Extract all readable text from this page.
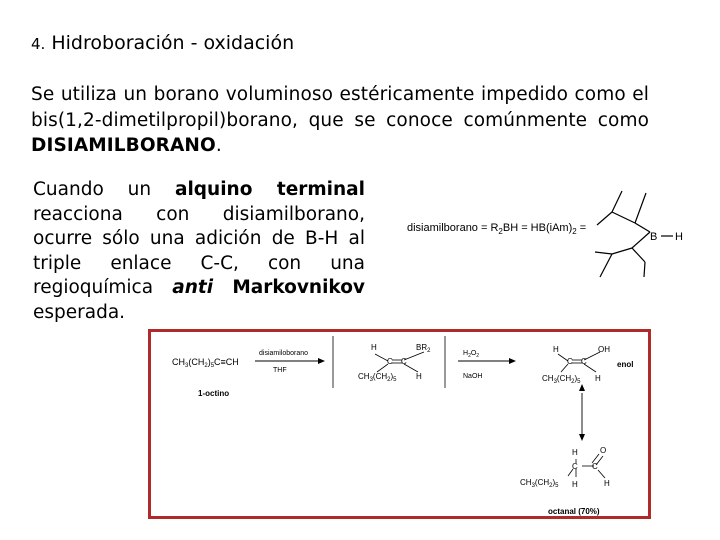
4. Hidroboración - oxidación
Se utiliza un borano voluminoso estéricamente impedido como el bis(1,2-dimetilpropil)borano, que se conoce comúnmente como DISIAMILBORANO.
Cuando un alquino terminal reacciona con disiamilborano, ocurre sólo una adición de B-H al triple enlace C-C, con una regioquímica anti Markovnikov esperada.
disiamilborano = $R_2BH = HB(iAm)_2$ =
B H
$CH_3(CH_2)_5C\equiv CH$
1-octino
disiamiloborano
THF
H	$BR_2$
C C
H
$CH_3(CH_2)_5$
$H_2O_2$
NaOH
H	OH
C C
H
$CH_3(CH_2)_5$
enol
H	O
C C
H	H
$CH_3(CH_2)_5$
octanal (70%)
